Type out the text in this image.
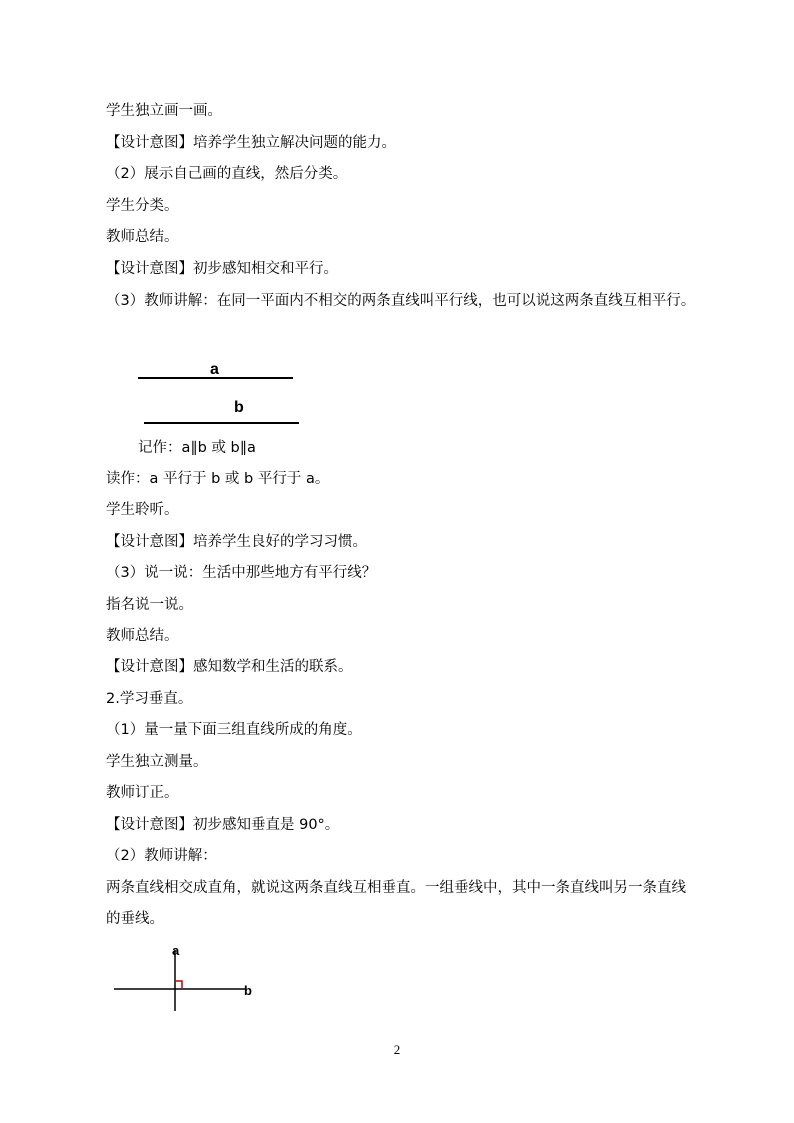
学生独立画一画。
【设计意图】培养学生独立解决问题的能力。
（2）展示自己画的直线，然后分类。
学生分类。
教师总结。
【设计意图】初步感知相交和平行。
（3）教师讲解：在同一平面内不相交的两条直线叫平行线，也可以说这两条直线互相平行。
a
b
记作：a∥b 或 b∥a
读作：a 平行于 b 或 b 平行于 a。
学生聆听。
【设计意图】培养学生良好的学习习惯。
（3）说一说：生活中那些地方有平行线？
指名说一说。
教师总结。
【设计意图】感知数学和生活的联系。
2.学习垂直。
（1）量一量下面三组直线所成的角度。
学生独立测量。
教师订正。
【设计意图】初步感知垂直是 90°。
（2）教师讲解：
两条直线相交成直角，就说这两条直线互相垂直。一组垂线中，其中一条直线叫另一条直线的垂线。
a
b
2
